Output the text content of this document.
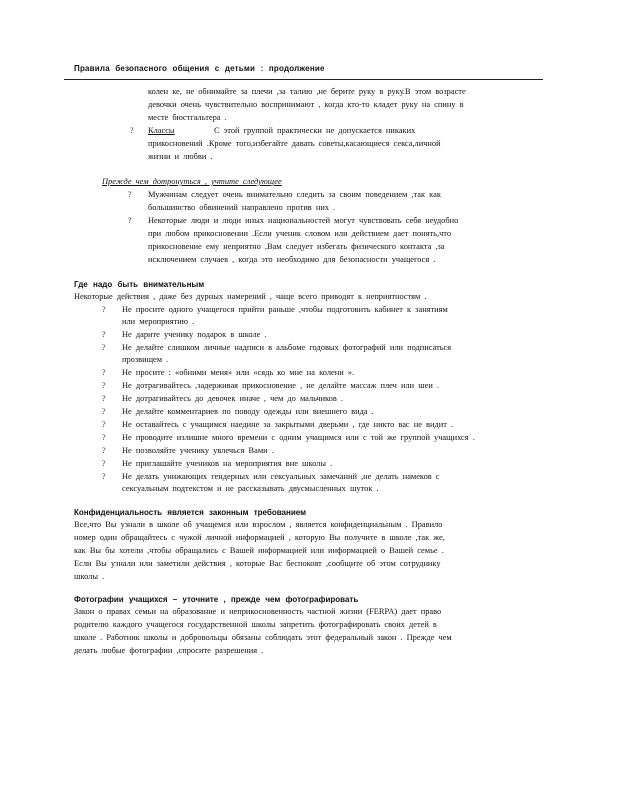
Правила безопасного общения с детьми : продолжение
колен ке, не обнимайте за плечи ,за талию ,не берите руку в руку.В этом возрасте
девочки очень чувствительно воспринимают , когда кто-то кладет руку на спину в
месте бюстгальтера .
? Классы	С этой группой практически не допускается никаких
прикосновений .Кроме того,избегайте давать советы,касающиеся секса,личной
жизни и любви .
Прежде чем дотронуться , учтите следующее
? Мужчинам следует очень внимательно следить за своим поведением ,так как
большинство обвинений направлено против них .
? Некоторые люди и люди иных национальностей могут чувствовать себя неудобно
при любом прикосновении .Если ученик словом или действием дает понять,что
прикосновение ему неприятно ,Вам следует избегать физического контакта ,за
исключением случаев , когда это необходимо для безопасности учащегося .
Где надо быть внимательным
Некоторые действия , даже без дурных намерений , чаще всего приводят к неприятностям .
? Не просите одного учащегося прийти раньше ,чтобы подготовить кабинет к занятиям
или мероприятию .
? Не дарите ученику подарок в школе .
? Не делайте слишком личные надписи в альбоме годовых фотографий или подписаться
прозвищем .
? Не просите : «обними меня» или «сядь ко мне на колени ».
? Не дотрагивайтесь ,задерживая прикосновение , не делайте массаж плеч или шеи .
? Не дотрагивайтесь до девочек иначе , чем до мальчиков .
? Не делайте комментариев по поводу одежды или внешнего вида .
? Не оставайтесь с учащимся наедине за закрытыми дверьми , где никто вас не видит .
? Не проводите излишне много времени с одним учащимся или с той же группой учащихся .
? Не позволяйте ученику увлечься Вами .
? Не приглашайте учеников на мероприятия вне школы .
? Не делать унижающих гендерных или сексуальных замечаний ,не делать намеков с
сексуальным подтекстом и не рассказывать двусмысленных шуток .
Конфиденциальность является законным требованием
Все,что Вы узнали в школе об учащемся или взрослом , является конфиденциальным . Правило
номер один обращайтесь с чужой личной информацией , которую Вы получите в школе ,так же,
как Вы бы хотели ,чтобы обращались с Вашей информацией или информацией о Вашей семье .
Если Вы узнали или заметили действия , которые Вас беспокоят ,сообщите об этом сотруднику
школы .
Фотографии учащихся – уточните , прежде чем фотографировать
Закон о правах семьи на образование и неприкосновенность частной жизни (FERPA) дает право
родителю каждого учащегося государственной школы запретить фотографировать своих детей в
школе . Работник школы и добровольцы обязаны соблюдать этот федеральный закон . Прежде чем
делать любые фотографии ,спросите разрешения .
